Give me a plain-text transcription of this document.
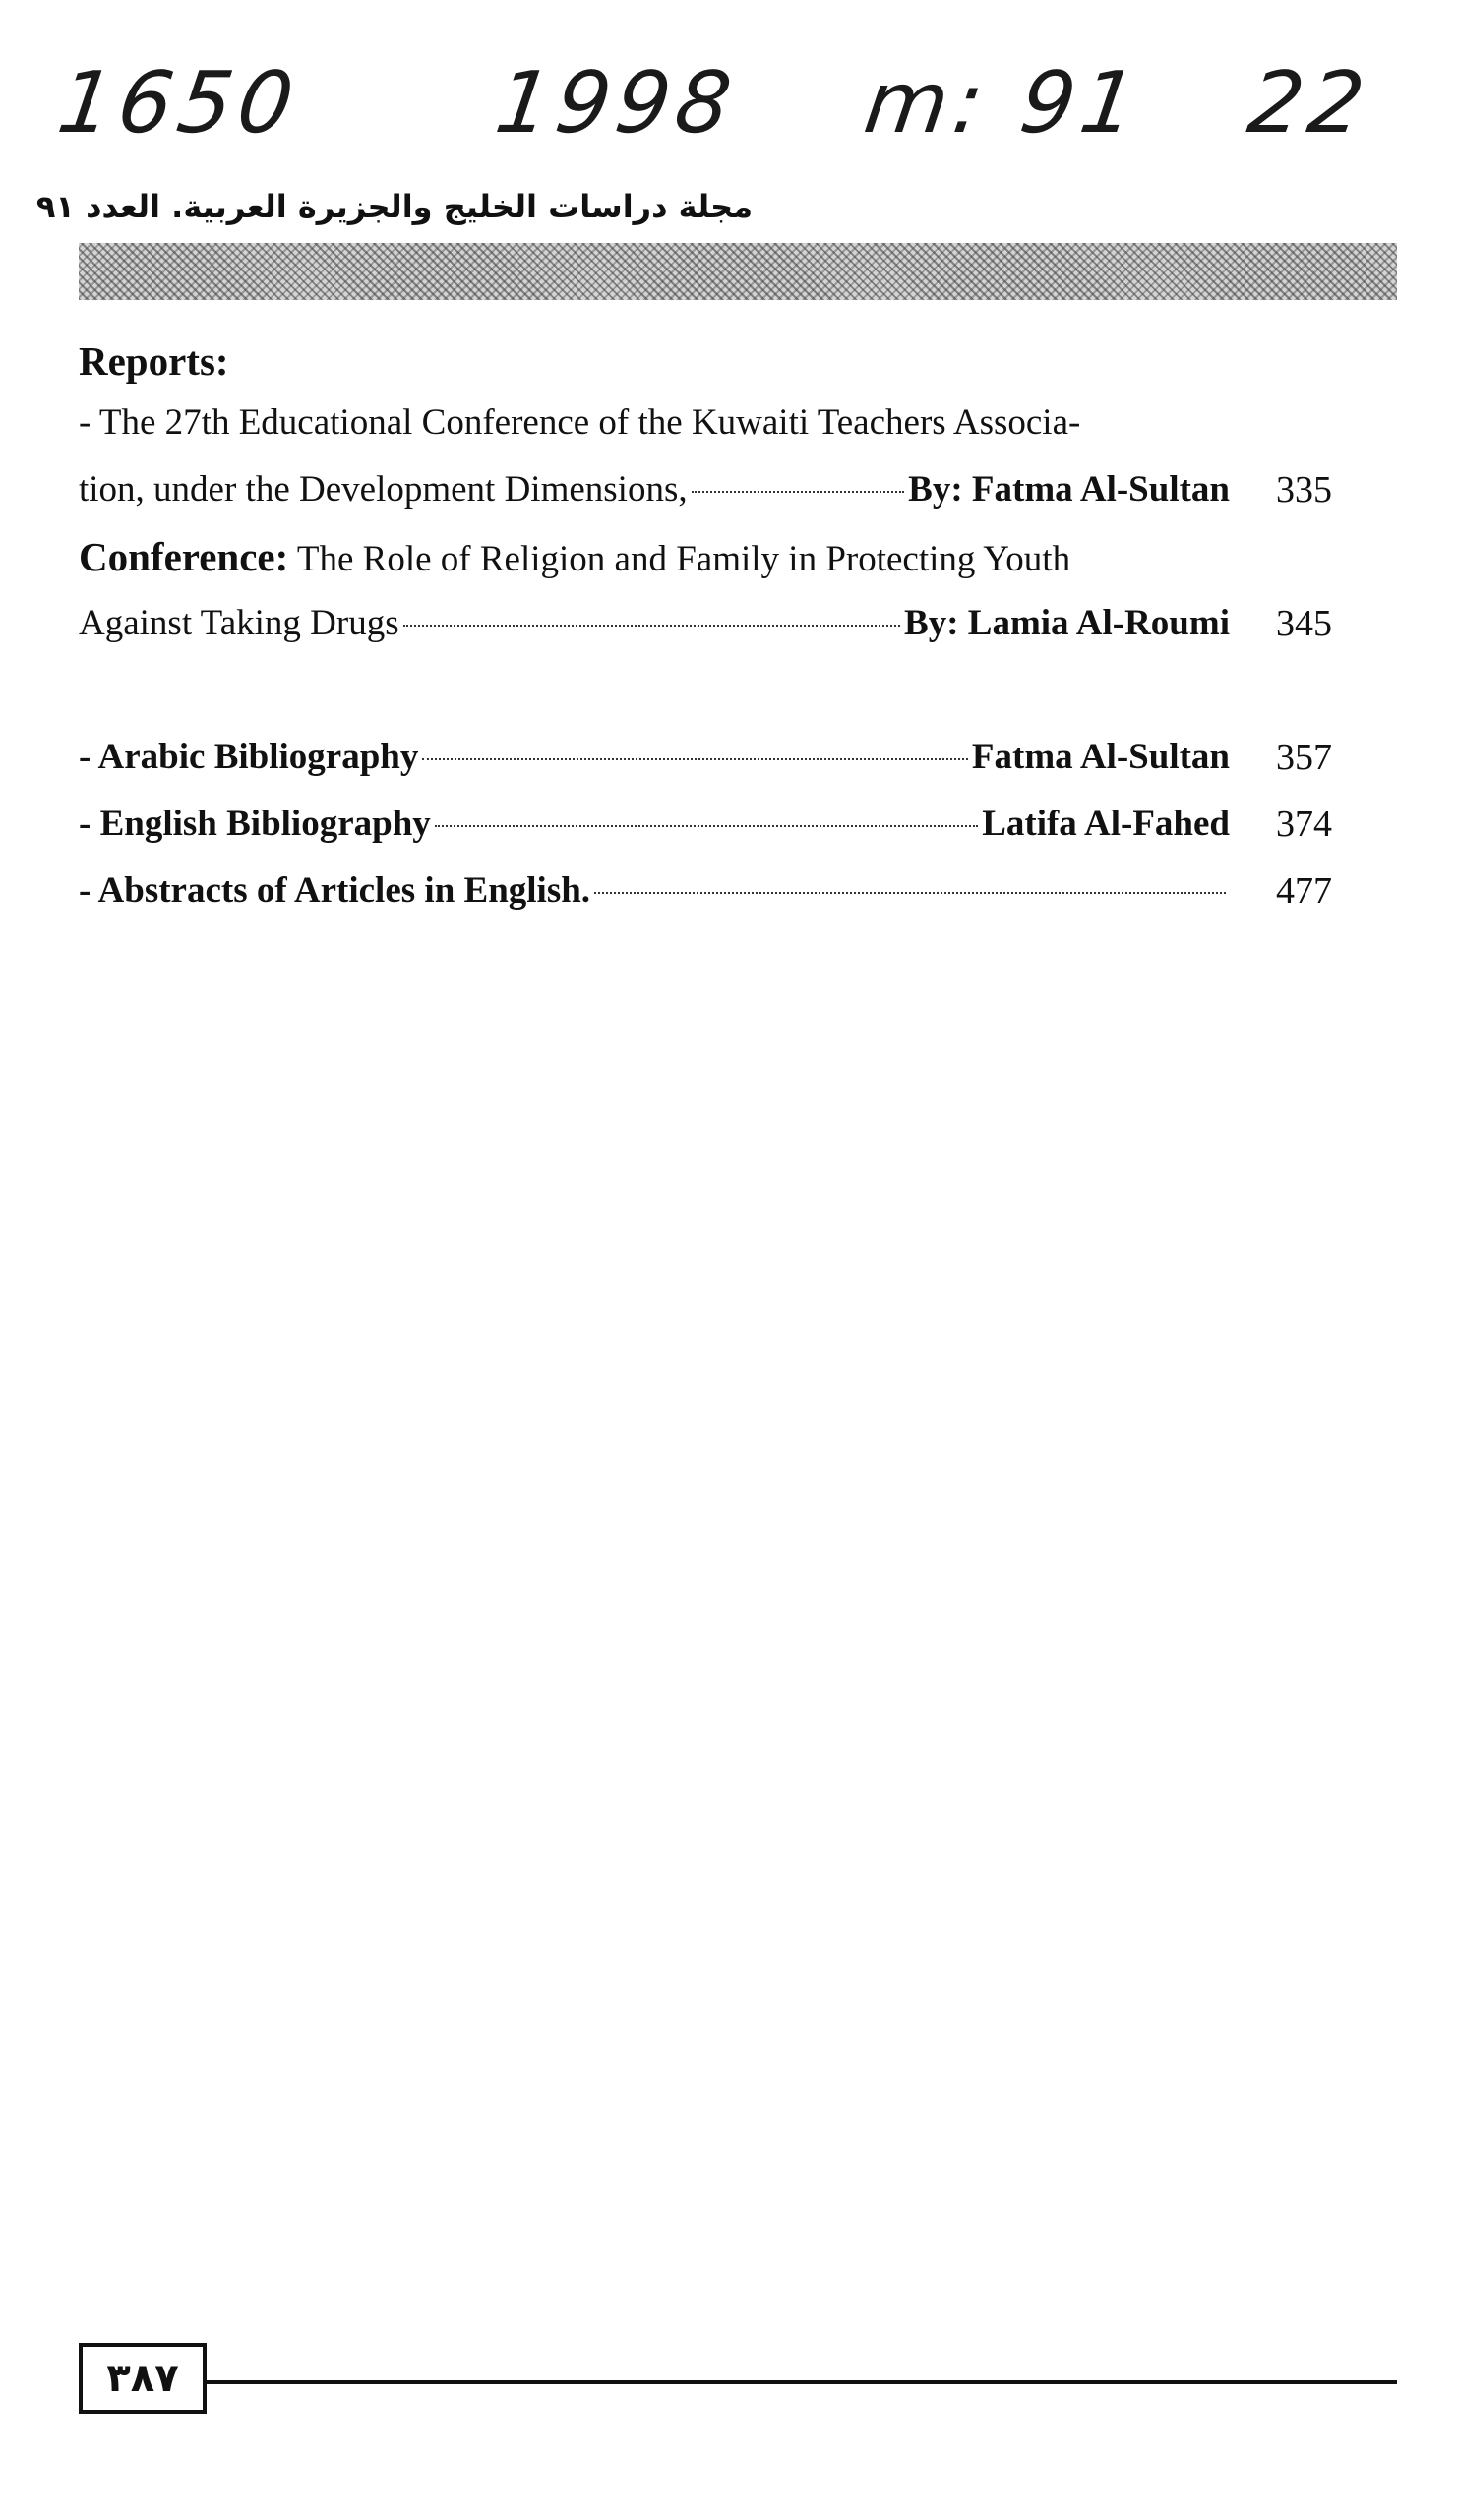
1650 1998 m: 91 22
مجلة دراسات الخليج والجزيرة العربية. العدد ٩١
Reports:
- The 27th Educational Conference of the Kuwaiti Teachers Associa-
tion, under the Development Dimensions,	By: Fatma Al-Sultan 335
Conference: The Role of Religion and Family in Protecting Youth
Against Taking Drugs	By: Lamia Al-Roumi 345
- Arabic Bibliography	Fatma Al-Sultan 357
- English Bibliography	Latifa Al-Fahed 374
- Abstracts of Articles in English.	477
٣٨٧
